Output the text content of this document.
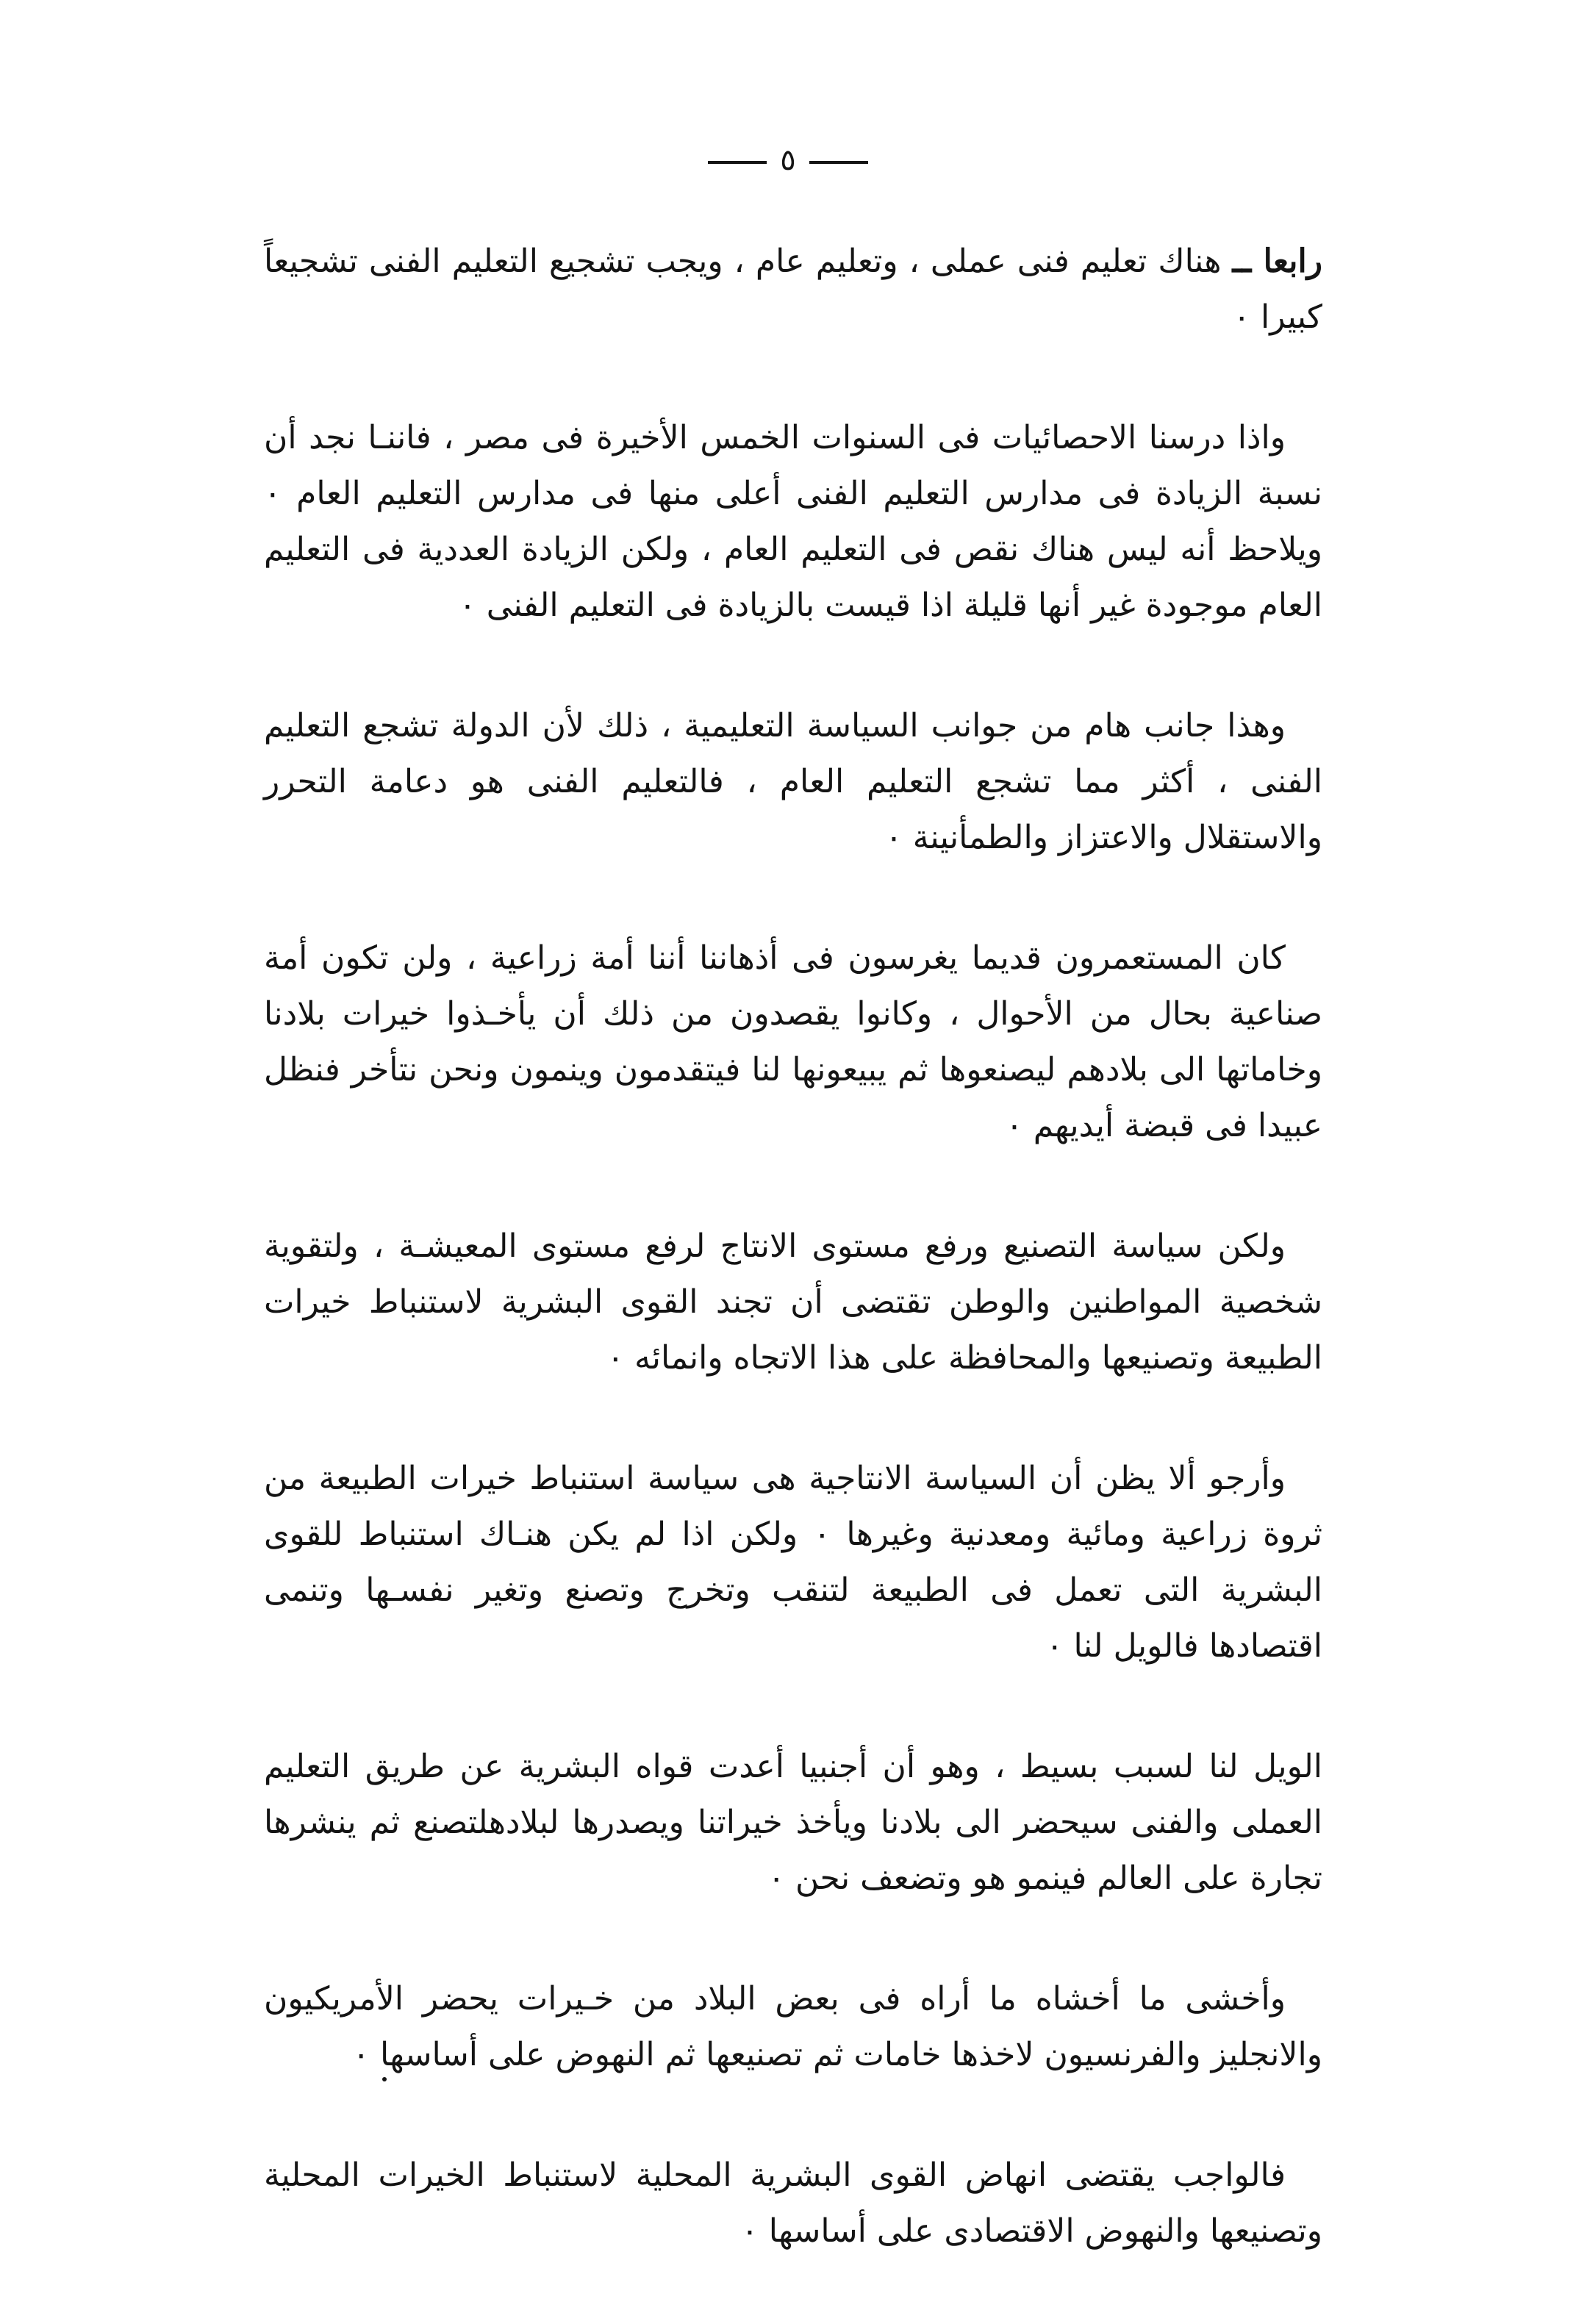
٥

رابعا ــ هناك تعليم فنى عملى ، وتعليم عام ، ويجب تشجيع التعليم الفنى تشجيعاً كبيرا ٠

واذا درسنا الاحصائيات فى السنوات الخمس الأخيرة فى مصر ، فاننـا نجد أن نسبة الزيادة فى مدارس التعليم الفنى أعلى منها فى مدارس التعليم العام ٠ ويلاحظ أنه ليس هناك نقص فى التعليم العام ، ولكن الزيادة العددية فى التعليم العام موجودة غير أنها قليلة اذا قيست بالزيادة فى التعليم الفنى ٠

وهذا جانب هام من جوانب السياسة التعليمية ، ذلك لأن الدولة تشجع التعليم الفنى ، أكثر مما تشجع التعليم العام ، فالتعليم الفنى هو دعامة التحرر والاستقلال والاعتزاز والطمأنينة ٠

كان المستعمرون قديما يغرسون فى أذهاننا أننا أمة زراعية ، ولن تكون أمة صناعية بحال من الأحوال ، وكانوا يقصدون من ذلك أن يأخـذوا خيرات بلادنا وخاماتها الى بلادهم ليصنعوها ثم يبيعونها لنا فيتقدمون وينمون ونحن نتأخر فنظل عبيدا فى قبضة أيديهم ٠

ولكن سياسة التصنيع ورفع مستوى الانتاج لرفع مستوى المعيشـة ، ولتقوية شخصية المواطنين والوطن تقتضى أن تجند القوى البشرية لاستنباط خيرات الطبيعة وتصنيعها والمحافظة على هذا الاتجاه وانمائه ٠

وأرجو ألا يظن أن السياسة الانتاجية هى سياسة استنباط خيرات الطبيعة من ثروة زراعية ومائية ومعدنية وغيرها ٠ ولكن اذا لم يكن هنـاك استنباط للقوى البشرية التى تعمل فى الطبيعة لتنقب وتخرج وتصنع وتغير نفسـها وتنمى اقتصادها فالويل لنا ٠

الويل لنا لسبب بسيط ، وهو أن أجنبيا أعدت قواه البشرية عن طريق التعليم العملى والفنى سيحضر الى بلادنا ويأخذ خيراتنا ويصدرها لبلادهلتصنع ثم ينشرها تجارة على العالم فينمو هو وتضعف نحن ٠

وأخشى ما أخشاه ما أراه فى بعض البلاد من خـيرات يحضر الأمريكيون والانجليز والفرنسيون لاخذها خامات ثم تصنيعها ثم النهوض على أساسها ٠

فالواجب يقتضى انهاض القوى البشرية المحلية لاستنباط الخيرات المحلية وتصنيعها والنهوض الاقتصادى على أساسها ٠
